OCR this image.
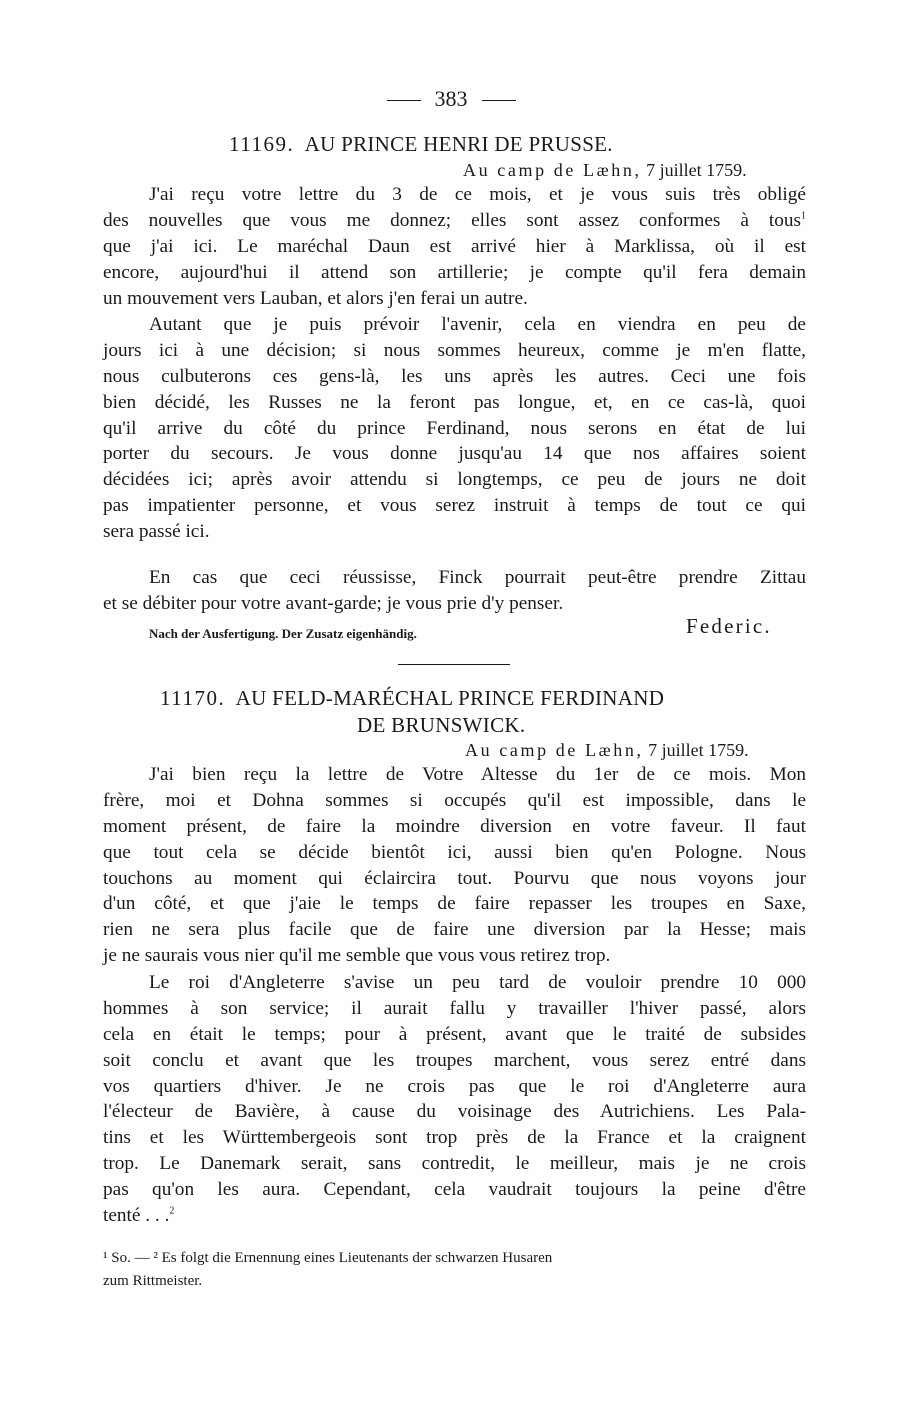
383
11169. AU PRINCE HENRI DE PRUSSE.
Au camp de Læhn, 7 juillet 1759.
J'ai reçu votre lettre du 3 de ce mois, et je vous suis très obligé
des nouvelles que vous me donnez; elles sont assez conformes à tous$^1$
que j'ai ici. Le maréchal Daun est arrivé hier à Marklissa, où il est
encore, aujourd'hui il attend son artillerie; je compte qu'il fera demain
un mouvement vers Lauban, et alors j'en ferai un autre.
Autant que je puis prévoir l'avenir, cela en viendra en peu de
jours ici à une décision; si nous sommes heureux, comme je m'en flatte,
nous culbuterons ces gens-là, les uns après les autres. Ceci une fois
bien décidé, les Russes ne la feront pas longue, et, en ce cas-là, quoi
qu'il arrive du côté du prince Ferdinand, nous serons en état de lui
porter du secours. Je vous donne jusqu'au 14 que nos affaires soient
décidées ici; après avoir attendu si longtemps, ce peu de jours ne doit
pas impatienter personne, et vous serez instruit à temps de tout ce qui
sera passé ici.
En cas que ceci réussisse, Finck pourrait peut-être prendre Zittau
et se débiter pour votre avant-garde; je vous prie d'y penser.
Nach der Ausfertigung. Der Zusatz eigenhändig.	Federic.
11170. AU FELD-MARÉCHAL PRINCE FERDINAND
DE BRUNSWICK.
Au camp de Læhn, 7 juillet 1759.
J'ai bien reçu la lettre de Votre Altesse du 1er de ce mois. Mon
frère, moi et Dohna sommes si occupés qu'il est impossible, dans le
moment présent, de faire la moindre diversion en votre faveur. Il faut
que tout cela se décide bientôt ici, aussi bien qu'en Pologne. Nous
touchons au moment qui éclaircira tout. Pourvu que nous voyons jour
d'un côté, et que j'aie le temps de faire repasser les troupes en Saxe,
rien ne sera plus facile que de faire une diversion par la Hesse; mais
je ne saurais vous nier qu'il me semble que vous vous retirez trop.
Le roi d'Angleterre s'avise un peu tard de vouloir prendre 10 000
hommes à son service; il aurait fallu y travailler l'hiver passé, alors
cela en était le temps; pour à présent, avant que le traité de subsides
soit conclu et avant que les troupes marchent, vous serez entré dans
vos quartiers d'hiver. Je ne crois pas que le roi d'Angleterre aura
l'électeur de Bavière, à cause du voisinage des Autrichiens. Les Pala-
tins et les Württembergeois sont trop près de la France et la craignent
trop. Le Danemark serait, sans contredit, le meilleur, mais je ne crois
pas qu'on les aura. Cependant, cela vaudrait toujours la peine d'être
tenté . . .$^2$
¹ So. — ² Es folgt die Ernennung eines Lieutenants der schwarzen Husaren
zum Rittmeister.
